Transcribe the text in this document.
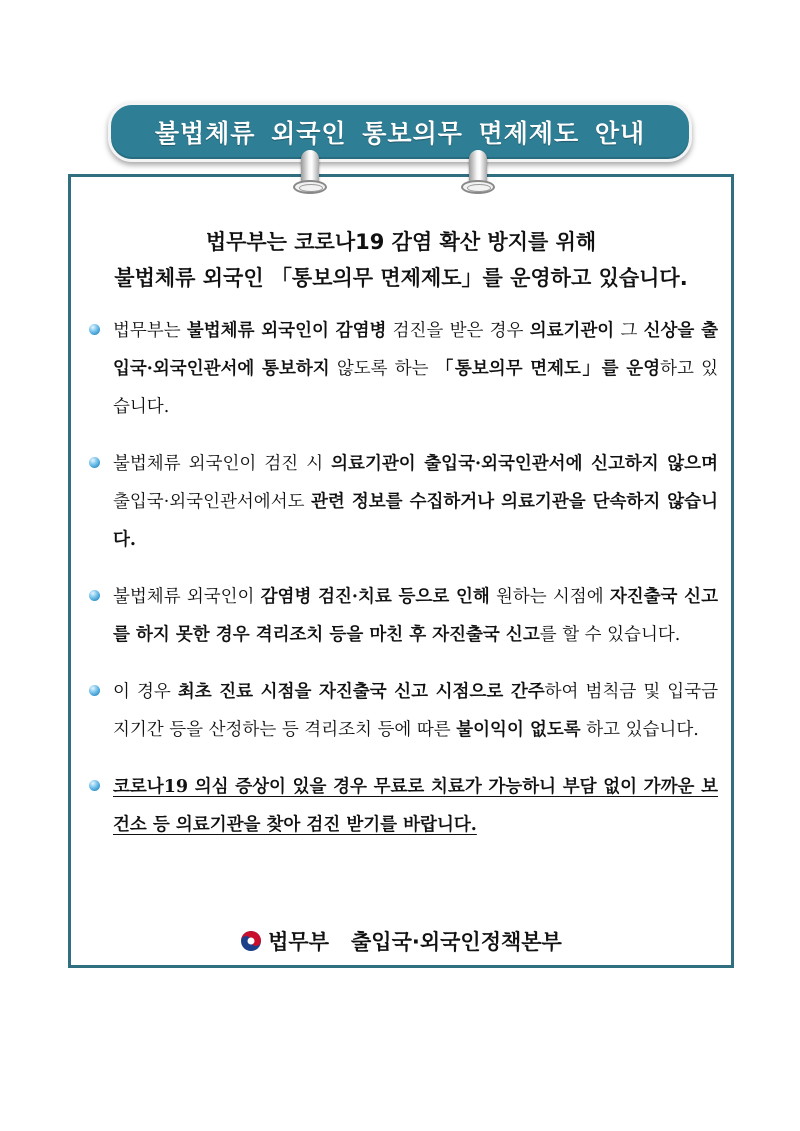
불법체류 외국인 통보의무 면제제도 안내
법무부는 코로나19 감염 확산 방지를 위해
불법체류 외국인 「통보의무 면제제도」를 운영하고 있습니다.
법무부는 불법체류 외국인이 감염병 검진을 받은 경우 의료기관이 그 신상을 출입국·외국인관서에 통보하지 않도록 하는 「통보의무 면제도」를 운영하고 있습니다.
불법체류 외국인이 검진 시 의료기관이 출입국·외국인관서에 신고하지 않으며 출입국·외국인관서에서도 관련 정보를 수집하거나 의료기관을 단속하지 않습니다.
불법체류 외국인이 감염병 검진·치료 등으로 인해 원하는 시점에 자진출국 신고를 하지 못한 경우 격리조치 등을 마친 후 자진출국 신고를 할 수 있습니다.
이 경우 최초 진료 시점을 자진출국 신고 시점으로 간주하여 범칙금 및 입국금지기간 등을 산정하는 등 격리조치 등에 따른 불이익이 없도록 하고 있습니다.
코로나19 의심 증상이 있을 경우 무료로 치료가 가능하니 부담 없이 가까운 보건소 등 의료기관을 찾아 검진 받기를 바랍니다.
법무부 출입국·외국인정책본부
